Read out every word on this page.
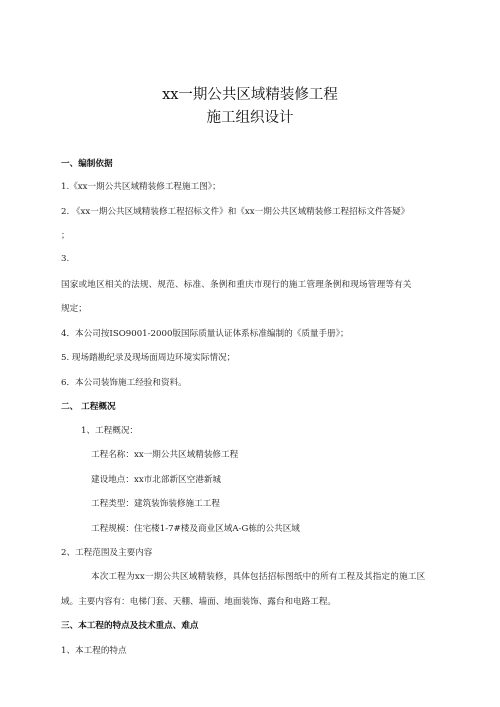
xx一期公共区域精装修工程
施工组织设计
一、编制依据
1.《xx一期公共区域精装修工程施工图》；
2. 《xx一期公共区域精装修工程招标文件》和《xx一期公共区域精装修工程招标文件答疑》
；
3.
国家或地区相关的法规、规范、标准、条例和重庆市现行的施工管理条例和现场管理等有关
规定；
4．本公司按ISO9001-2000版国际质量认证体系标准编制的《质量手册》；
5. 现场踏勘纪录及现场面周边环境实际情况；
6．本公司装饰施工经验和资料。
二、 工程概况
1、工程概况：
工程名称：xx一期公共区域精装修工程
建设地点：xx市北部新区空港新城
工程类型：建筑装饰装修施工工程
工程规模：住宅楼1-7#楼及商业区域A-G栋的公共区域
2、工程范围及主要内容
本次工程为xx一期公共区域精装修，具体包括招标图纸中的所有工程及其指定的施工区
域。主要内容有：电梯门套、天棚、墙面、地面装饰、露台和电路工程。
三、本工程的特点及技术重点、难点
1、本工程的特点
